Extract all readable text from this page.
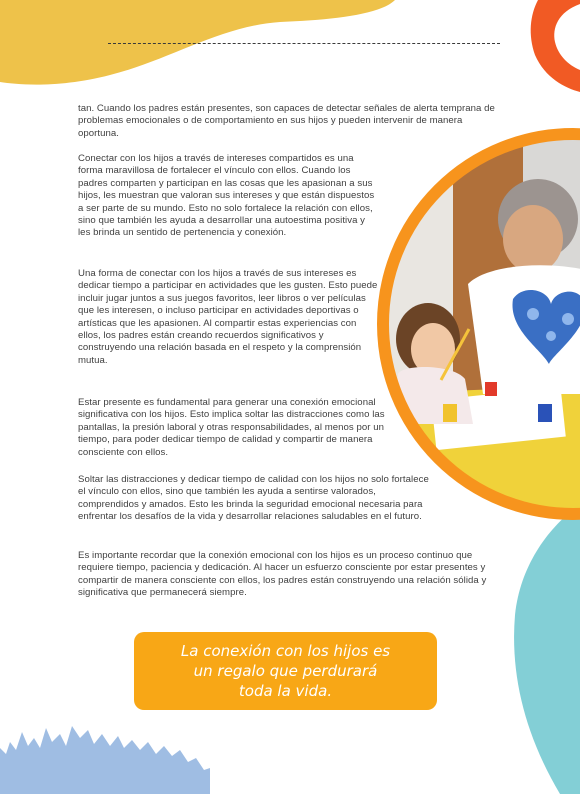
tan. Cuando los padres están presentes, son capaces de detectar señales de alerta temprana de problemas emocionales o de comportamiento en sus hijos y pueden intervenir de manera oportuna.

Conectar con los hijos a través de intereses compartidos es una forma maravillosa de fortalecer el vínculo con ellos. Cuando los padres comparten y participan en las cosas que les apasionan a sus hijos, les muestran que valoran sus intereses y que están dispuestos a ser parte de su mundo. Esto no solo fortalece la relación con ellos, sino que también les ayuda a desarrollar una autoestima positiva y les brinda un sentido de pertenencia y conexión.

Una forma de conectar con los hijos a través de sus intereses es dedicar tiempo a participar en actividades que les gusten. Esto puede incluir jugar juntos a sus juegos favoritos, leer libros o ver películas que les interesen, o incluso participar en actividades deportivas o artísticas que les apasionen. Al compartir estas experiencias con ellos, los padres están creando recuerdos significativos y construyendo una relación basada en el respeto y la comprensión mutua.

Estar presente es fundamental para generar una conexión emocional significativa con los hijos. Esto implica soltar las distracciones como las pantallas, la presión laboral y otras responsabilidades, al menos por un tiempo, para poder dedicar tiempo de calidad y compartir de manera consciente con ellos.

Soltar las distracciones y dedicar tiempo de calidad con los hijos no solo fortalece el vínculo con ellos, sino que también les ayuda a sentirse valorados, comprendidos y amados. Esto les brinda la seguridad emocional necesaria para enfrentar los desafíos de la vida y desarrollar relaciones saludables en el futuro.

Es importante recordar que la conexión emocional con los hijos es un proceso continuo que requiere tiempo, paciencia y dedicación. Al hacer un esfuerzo consciente por estar presentes y compartir de manera consciente con ellos, los padres están construyendo una relación sólida y significativa que permanecerá siempre.

La conexión con los hijos es
un regalo que perdurará
toda la vida.
